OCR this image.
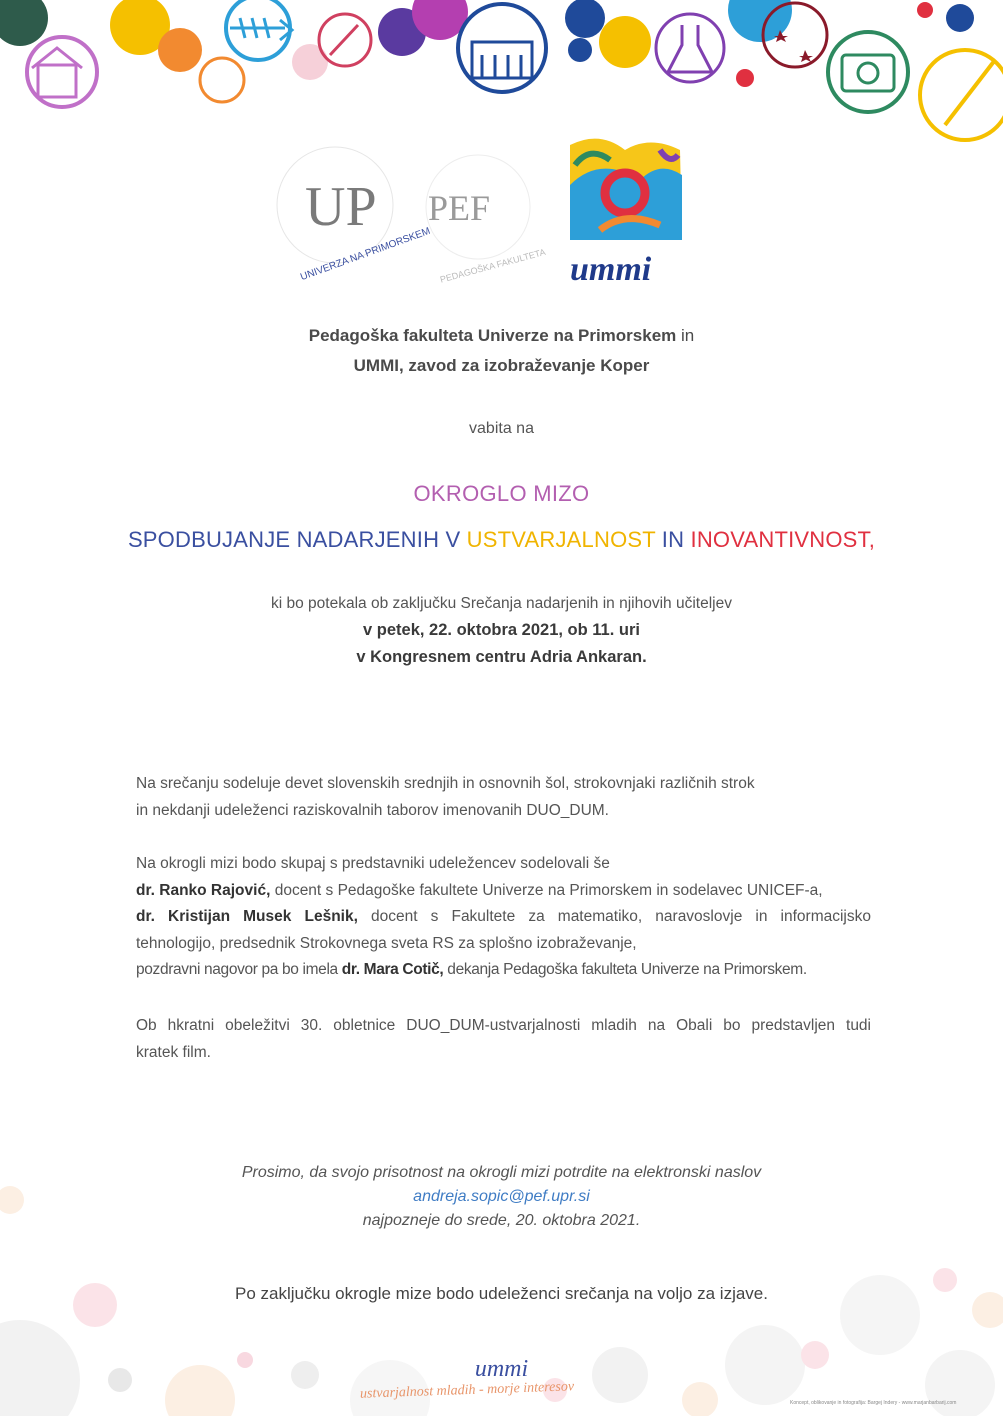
UP
UNIVERZA NA PRIMORSKEM
PEF
PEDAGOŠKA FAKULTETA ummi
Pedagoška fakulteta Univerze na Primorskem in
UMMI, zavod za izobraževanje Koper
vabita na
OKROGLO MIZO
SPODBUJANJE NADARJENIH V USTVARJALNOST IN INOVANTIVNOST,
ki bo potekala ob zaključku Srečanja nadarjenih in njihovih učiteljev
v petek, 22. oktobra 2021, ob 11. uri
v Kongresnem centru Adria Ankaran.
Na srečanju sodeluje devet slovenskih srednjih in osnovnih šol, strokovnjaki različnih strok
in nekdanji udeleženci raziskovalnih taborov imenovanih DUO_DUM.
Na okrogli mizi bodo skupaj s predstavniki udeležencev sodelovali še
dr. Ranko Rajović, docent s Pedagoške fakultete Univerze na Primorskem in sodelavec UNICEF-a,
dr. Kristijan Musek Lešnik, docent s Fakultete za matematiko, naravoslovje in informacijsko
tehnologijo, predsednik Strokovnega sveta RS za splošno izobraževanje,
pozdravni nagovor pa bo imela dr. Mara Cotič, dekanja Pedagoška fakulteta Univerze na Primorskem.
Ob hkratni obeležitvi 30. obletnice DUO_DUM-ustvarjalnosti mladih na Obali bo predstavljen tudi
kratek film.
Prosimo, da svojo prisotnost na okrogli mizi potrdite na elektronski naslov
andreja.sopic@pef.upr.si
najpozneje do srede, 20. oktobra 2021.
Po zaključku okrogle mize bodo udeleženci srečanja na voljo za izjave.
ummi
ustvarjalnost mladih - morje interesov
Koncept, oblikovanje in fotografija: Bargej Indery - www.marjanbarbarij.com
